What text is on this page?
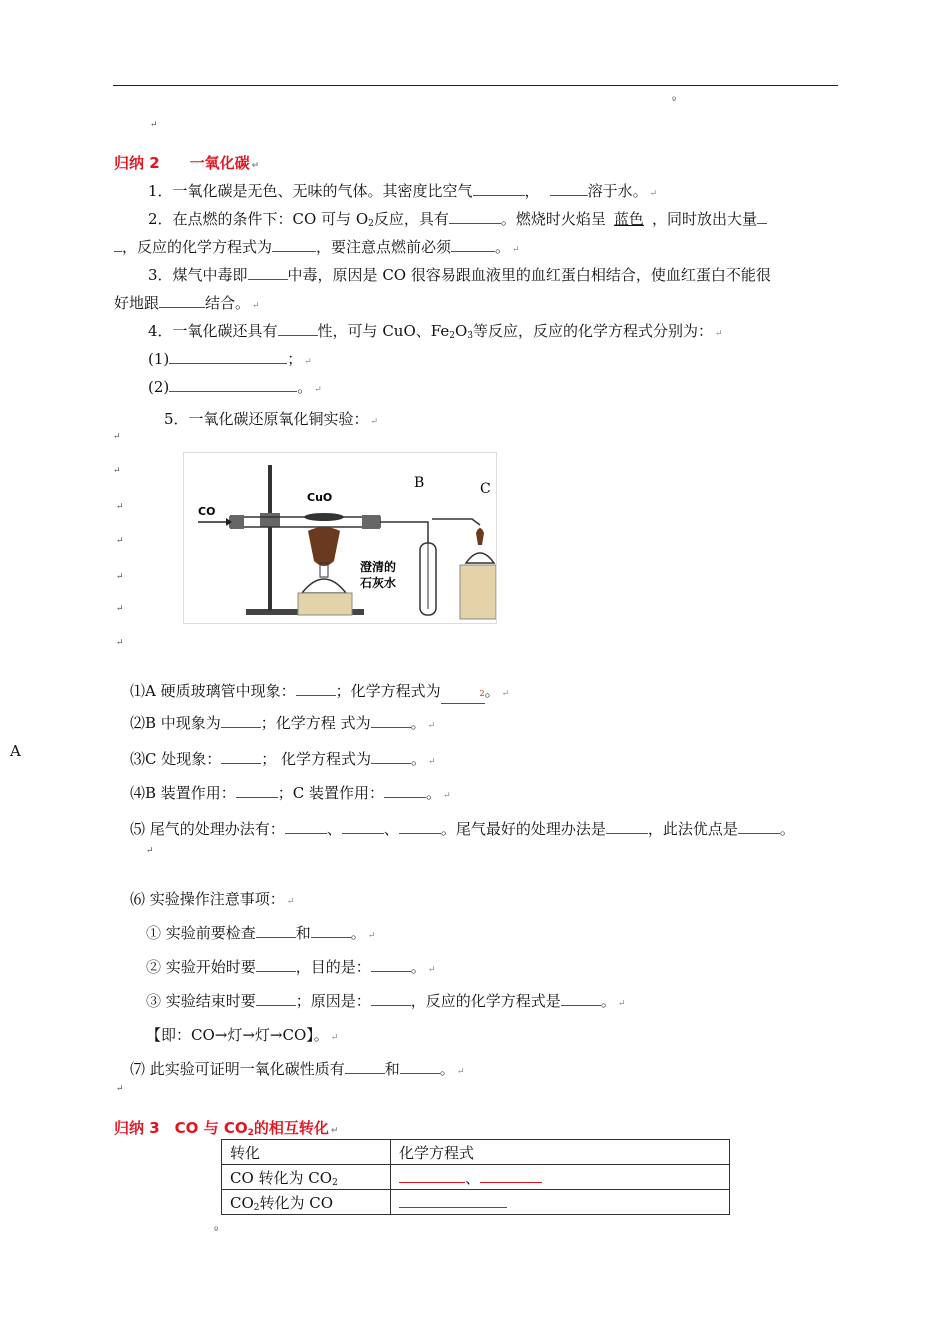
º
↵
归纳 2　　一氧化碳 ↵
1．一氧化碳是无色、无味的气体。其密度比空气	，	溶于水。 ↵
2．在点燃的条件下：CO 可与 $O_2$反应，具有	。燃烧时火焰呈 蓝色 ，同时放出大量
，反应的化学方程式为	，要注意点燃前必须	。 ↵
3．煤气中毒即	中毒，原因是 CO 很容易跟血液里的血红蛋白相结合，使血红蛋白不能很
好地跟	结合。 ↵
4．一氧化碳还具有	性，可与 CuO、$Fe_2O_3$等反应，反应的化学方程式分别为： ↵
(1)	； ↵
(2)	。 ↵
5．一氧化碳还原氧化铜实验： ↵
↵
↵
↵
↵
↵
↵
↵
CO
CuO
B	C
澄清的
石灰水
A
⑴A 硬质玻璃管中现象：	；化学方程式为	2。 ↵
⑵B 中现象为	；化学方程 式为	。 ↵
⑶C 处现象：	； 化学方程式为	。 ↵
⑷B 装置作用：	；C 装置作用：	。 ↵
⑸ 尾气的处理办法有：	、	、	。尾气最好的处理办法是	，此法优点是	。
↵
⑹ 实验操作注意事项： ↵
① 实验前要检查	和	。 ↵
② 实验开始时要	，目的是：	。 ↵
③ 实验结束时要	；原因是：	，反应的化学方程式是	。 ↵
【即：CO→灯→灯→CO】。 ↵
⑺ 此实验可证明一氧化碳性质有	和	。 ↵
↵
归纳 3　CO 与 $CO_2$的相互转化 ↵
转化	化学方程式
CO 转化为 $CO_2$	、
$CO_2$转化为 CO	
º
